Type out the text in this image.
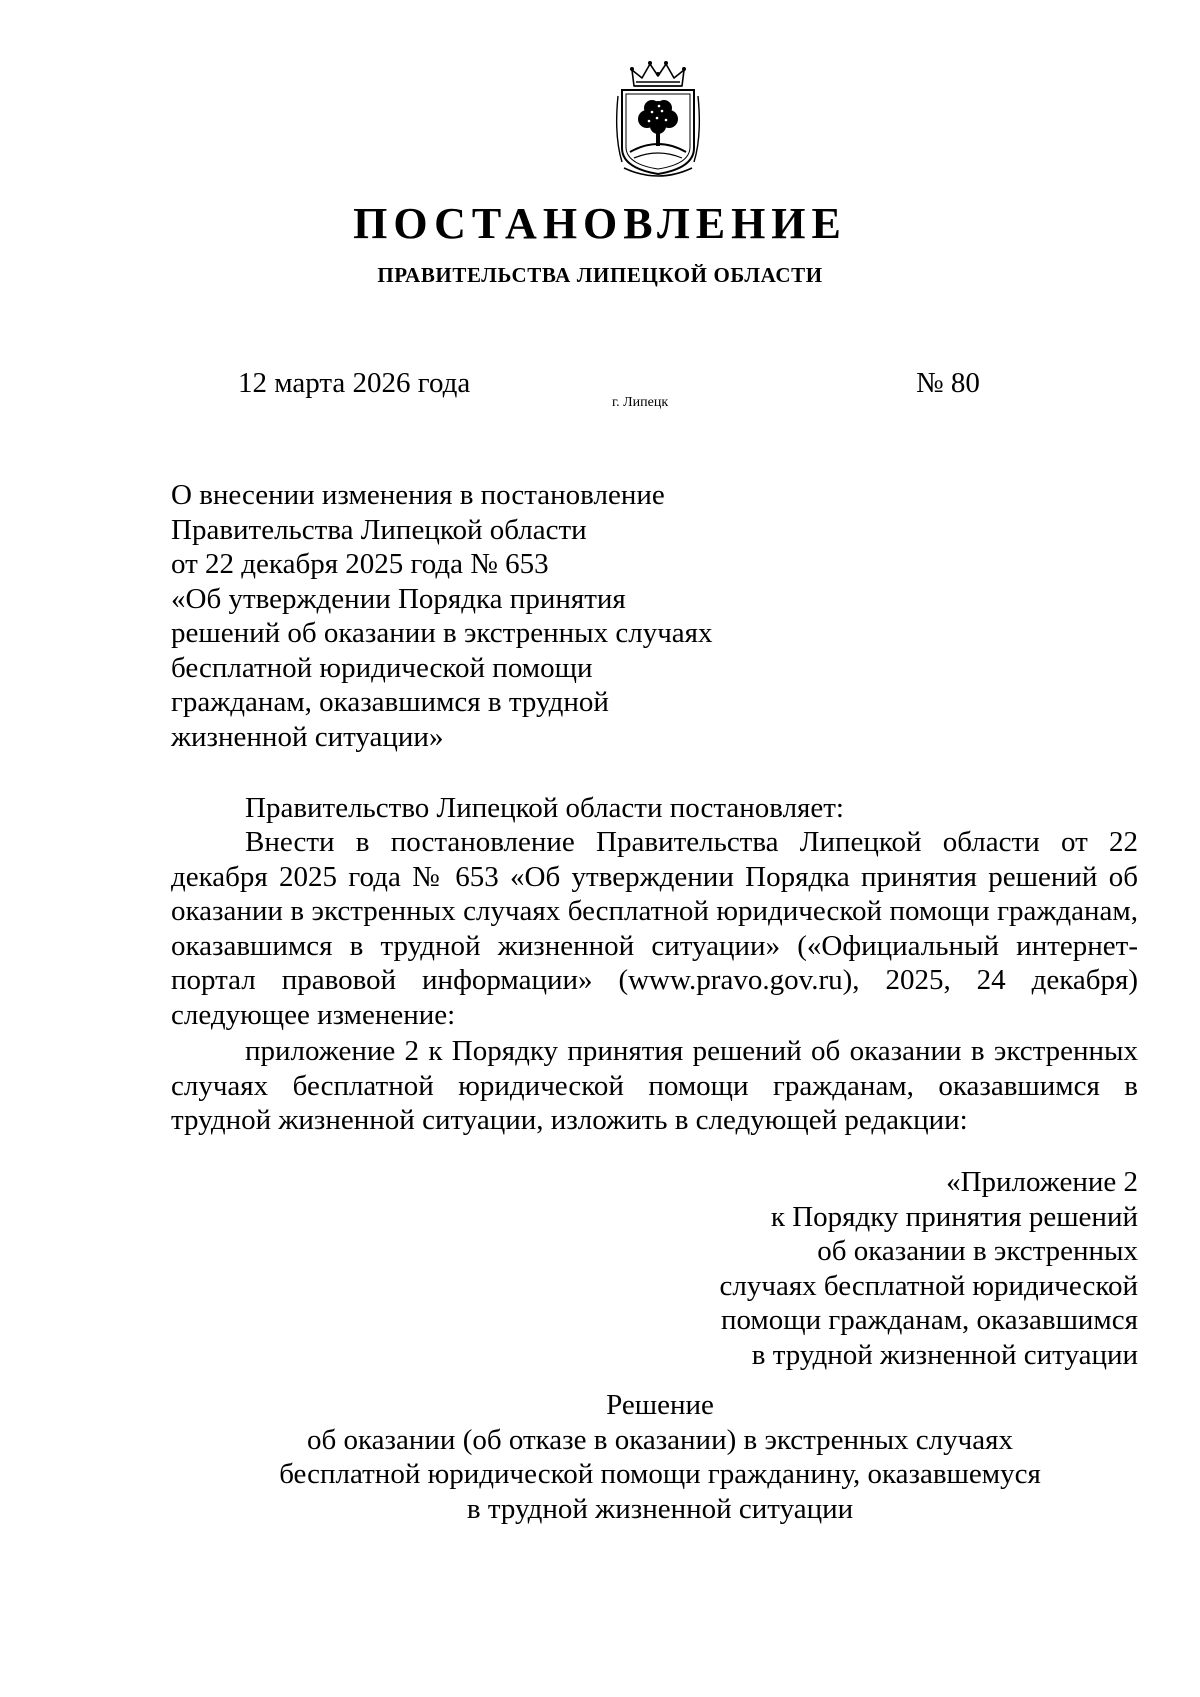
ПОСТАНОВЛЕНИЕ
ПРАВИТЕЛЬСТВА ЛИПЕЦКОЙ ОБЛАСТИ
12 марта 2026 года
г. Липецк
№ 80
О внесении изменения в постановление
Правительства Липецкой области
от 22 декабря 2025 года № 653
«Об утверждении Порядка принятия
решений об оказании в экстренных случаях
бесплатной юридической помощи
гражданам, оказавшимся в трудной
жизненной ситуации»

Правительство Липецкой области постановляет:

Внести в постановление Правительства Липецкой области от 22 декабря 2025 года № 653 «Об утверждении Порядка принятия решений об оказании в экстренных случаях бесплатной юридической помощи гражданам, оказавшимся в трудной жизненной ситуации» («Официальный интернет-портал правовой информации» (www.pravo.gov.ru), 2025, 24 декабря) следующее изменение:

приложение 2 к Порядку принятия решений об оказании в экстренных случаях бесплатной юридической помощи гражданам, оказавшимся в трудной жизненной ситуации, изложить в следующей редакции:

«Приложение 2
к Порядку принятия решений
об оказании в экстренных
случаях бесплатной юридической
помощи гражданам, оказавшимся
в трудной жизненной ситуации
Решение
об оказании (об отказе в оказании) в экстренных случаях
бесплатной юридической помощи гражданину, оказавшемуся
в трудной жизненной ситуации
